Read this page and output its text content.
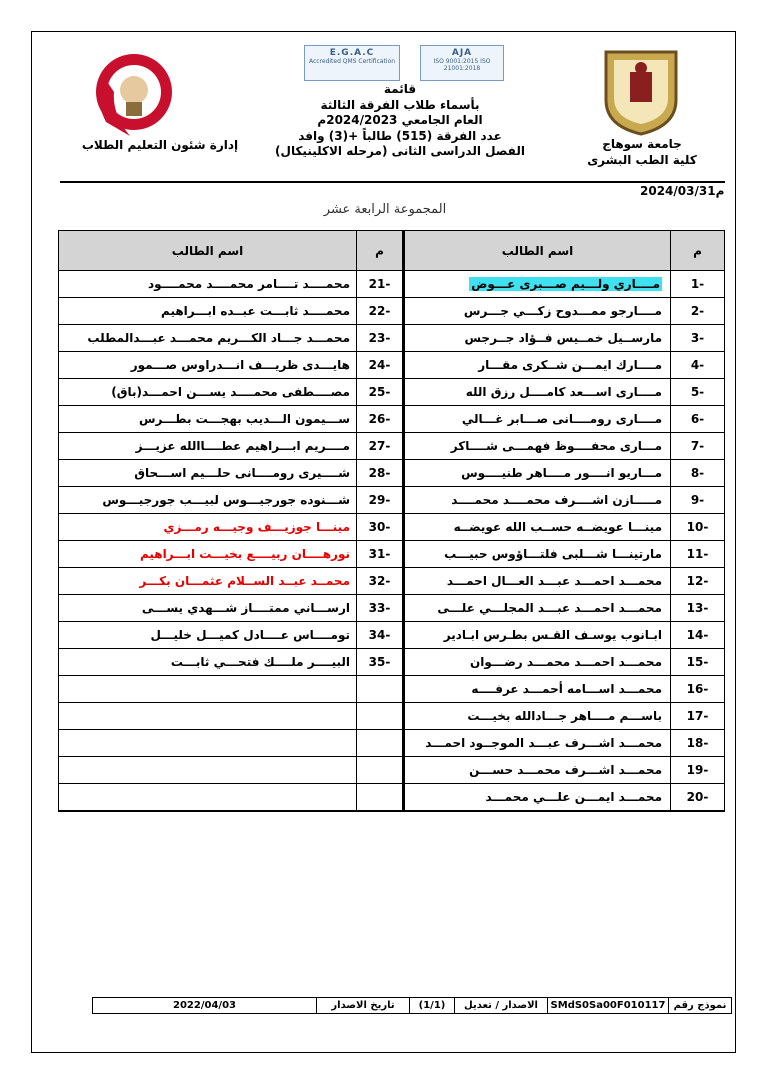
E.G.A.C
Accredited QMS Certification
AJA
ISO 9001:2015 ISO 21001:2018
قائمة
بأسماء طلاب الفرقة الثالثة
العام الجامعي 2024/2023م
عدد الفرقة (515) طالباً +(3) وافد
الفصل الدراسى الثانى (مرحله الاكلينيكال)
إدارة شئون التعليم الطلاب	جامعة سوهاج
كلية الطب البشرى
2024/03/31م
المجموعة الرابعة عشر
م
اسم الطالب
م
اسم الطالب
1-
مــــاري ولـــيم صـــبرى عـــوض
21-
محمــــد تــــامر محمــــد محمــــود
2-
مــــارجو ممـــدوح زكـــي جـــرس
22-
محمــــد ثابـــت عبــده ابـــراهيم
3-
مارســيل خمــيس فــؤاد جــرجس
23-
محمـــد جـــاد الكـــريم محمـــد عبـــدالمطلب
4-
مــــارك ايمـــن شــكرى مقـــار
24-
هايـــدى ظريـــف انـــدراوس صـــمور
5-
مــــارى اســـعد كامــــل رزق الله
25-
مصــــطفى محمــــد يســـن احمـــد(باق)
6-
مــــارى رومــــانى صـــابر غـــالي
26-
ســـيمون الـــديب بهجـــت بطـــرس
7-
مـــارى محفــــوظ فهمـــى شــــاكر
27-
مــــريم ابـــراهيم عطــــاالله عزيـــز
8-
مـــاريو انــــور مــــاهر طنيــــوس
28-
شــــيرى رومــــانى حلـــيم اســـحاق
9-
مـــــازن اشــــرف محمــــد محمــــد
29-
شـــنوده جورجيـــوس لبيـــب جورجيـــوس
10-
مينـــا عويضــه حســب الله عويضــه
30-
مينـــا جوزيـــف وجيـــه رمـــزي
11-
مارتينـــا شـــلبى فلتـــاؤوس حبيـــب
31-
نورهــــان ربيــــع بخيـــت ابـــراهيم
12-
محمـــد احمـــد عبـــد العـــال احمـــد
32-
محمــد عبــد الســلام عثمـــان بكـــر
13-
محمـــد احمـــد عبـــد المجلـــي علـــى
33-
ارســـاني ممتــــاز شـــهدي يســـى
14-
ابـانوب يوسـف القـس بطـرس ابـادير
34-
تومــــاس عــــادل كميـــل خليـــل
15-
محمـــد احمـــد محمـــد رضـــوان
35-
البيــــر ملــــك فتحـــي ثابـــت
16-
محمـــد اســـامه أحمـــد عرفــــه
17-
باســـم مــــاهر جـــادالله بخيـــت
18-
محمـــد اشـــرف عبـــد الموجــود احمـــد
19-
محمـــد اشـــرف محمـــد حســـن
20-
محمـــد ايمـــن علـــي محمـــد
نموذج رقم
SMdS0Sa00F010117
الاصدار / تعديل
(1/1)
تاريخ الاصدار
2022/04/03
